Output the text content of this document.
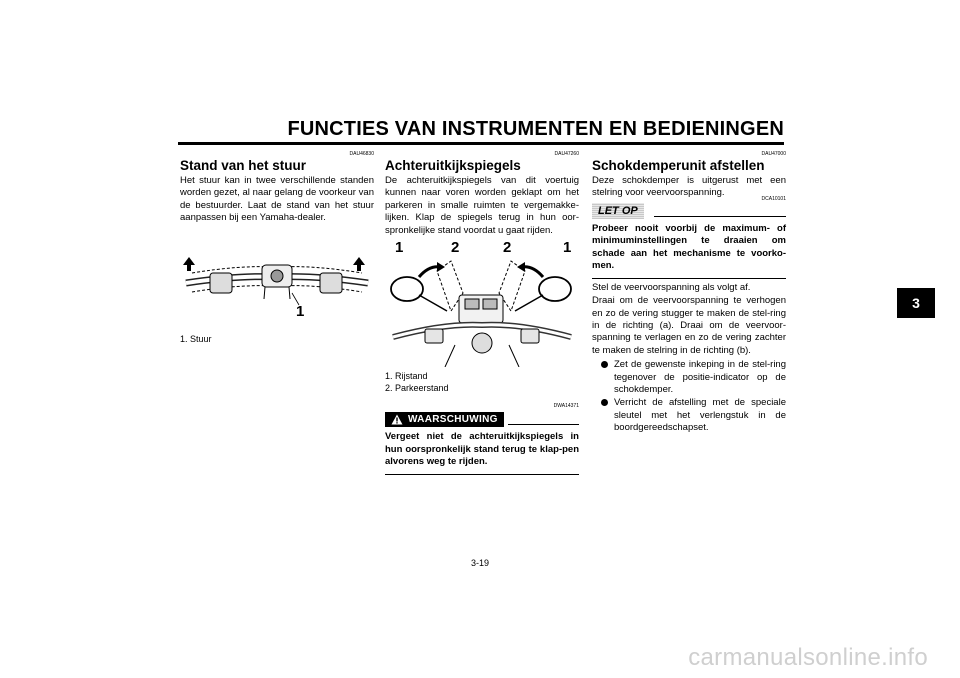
FUNCTIES VAN INSTRUMENTEN EN BEDIENINGEN
3
DAU46830
Stand van het stuur

Het stuur kan in twee verschillende standen worden gezet, al naar gelang de voorkeur van de bestuurder. Laat de stand van het stuur aanpassen bij een Yamaha-dealer.

1
1. Stuur
DAU47260
Achteruitkijkspiegels

De achteruitkijkspiegels van dit voertuig kunnen naar voren worden geklapt om het parkeren in smalle ruimten te vergemakke-lijken. Klap de spiegels terug in hun oor-spronkelijke stand voordat u gaat rijden.

1	2	2	1
1. Rijstand
2. Parkeerstand
DWA14371
WAARSCHUWING
Vergeet niet de achteruitkijkspiegels in hun oorspronkelijk stand terug te klap-pen alvorens weg te rijden.
DAU47000
Schokdemperunit afstellen

Deze schokdemper is uitgerust met een stelring voor veervoorspanning.

LET OP
DCA10101
Probeer nooit voorbij de maximum- of minimuminstellingen te draaien om schade aan het mechanisme te voorko-men.

Stel de veervoorspanning als volgt af.

Draai om de veervoorspanning te verhogen en zo de vering stugger te maken de stel-ring in de richting (a). Draai om de veervoor-spanning te verlagen en zo de vering zachter te maken de stelring in de richting (b).

Zet de gewenste inkeping in de stel-ring tegenover de positie-indicator op de schokdemper.
Verricht de afstelling met de speciale sleutel met het verlengstuk in de boordgereedschapset.
3-19
carmanualsonline.info
